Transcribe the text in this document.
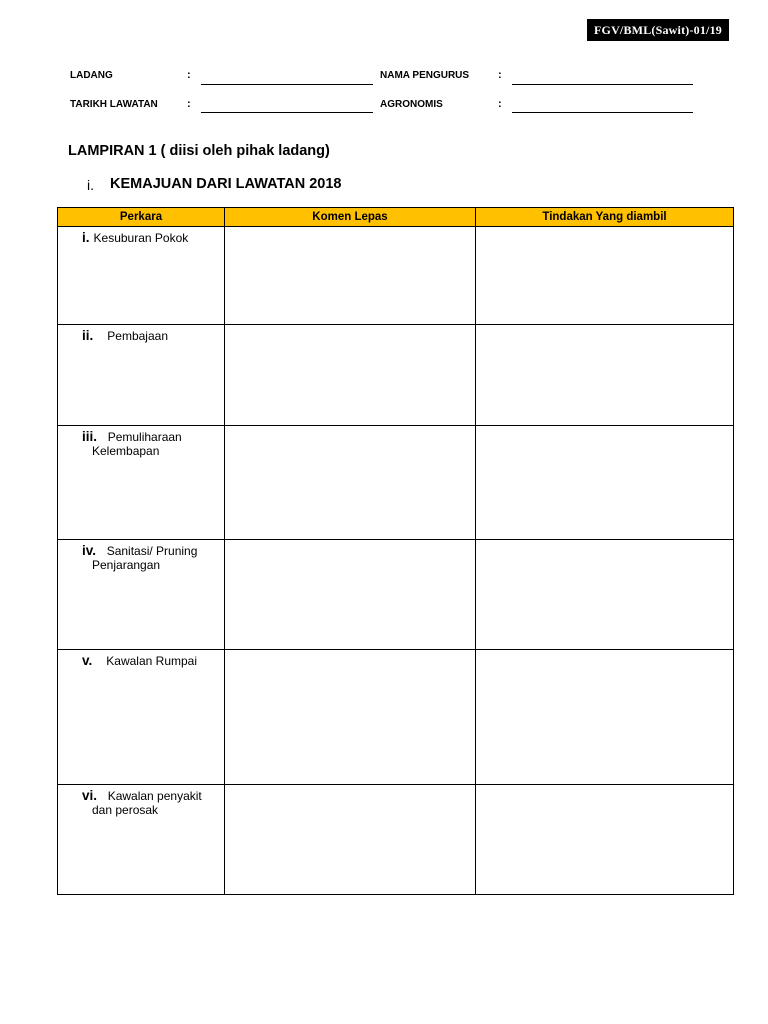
FGV/BML(Sawit)-01/19
LADANG	:	NAMA PENGURUS	:
TARIKH LAWATAN	:	AGRONOMIS	:
LAMPIRAN 1 ( diisi oleh pihak ladang)
i. KEMAJUAN DARI LAWATAN 2018
Perkara	Komen Lepas	Tindakan Yang diambil

i. Kesuburan Pokok		

ii. Pembajaan		

iii. Pemuliharaan
Kelembapan		

iv. Sanitasi/ Pruning
Penjarangan		

v. Kawalan Rumpai		

vi. Kawalan penyakit
dan perosak		
